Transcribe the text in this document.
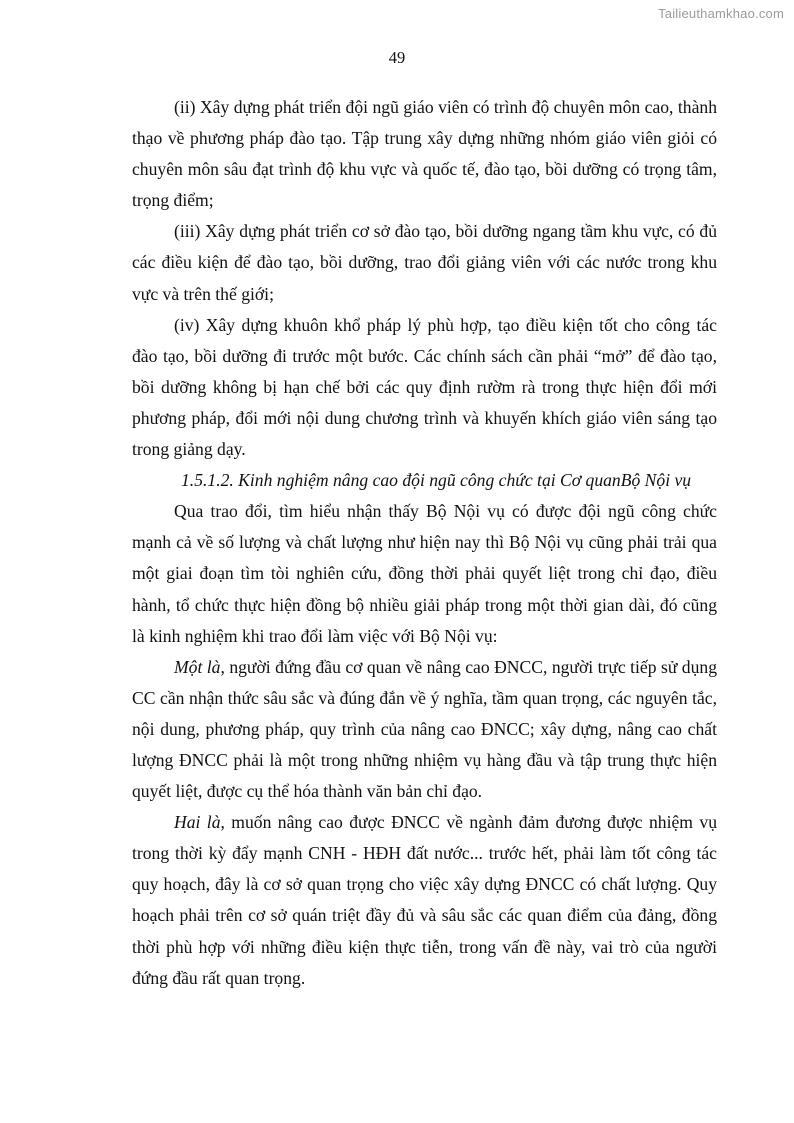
Tailieuthamkhao.com
49

(ii) Xây dựng phát triển đội ngũ giáo viên có trình độ chuyên môn cao, thành thạo về phương pháp đào tạo. Tập trung xây dựng những nhóm giáo viên giỏi có chuyên môn sâu đạt trình độ khu vực và quốc tế, đào tạo, bồi dưỡng có trọng tâm, trọng điểm;

(iii) Xây dựng phát triển cơ sở đào tạo, bồi dưỡng ngang tầm khu vực, có đủ các điều kiện để đào tạo, bồi dưỡng, trao đổi giảng viên với các nước trong khu vực và trên thế giới;

(iv) Xây dựng khuôn khổ pháp lý phù hợp, tạo điều kiện tốt cho công tác đào tạo, bồi dưỡng đi trước một bước. Các chính sách cần phải “mở” để đào tạo, bồi dưỡng không bị hạn chế bởi các quy định rườm rà trong thực hiện đổi mới phương pháp, đổi mới nội dung chương trình và khuyến khích giáo viên sáng tạo trong giảng dạy.

1.5.1.2. Kinh nghiệm nâng cao đội ngũ công chức tại Cơ quanBộ Nội vụ

Qua trao đổi, tìm hiểu nhận thấy Bộ Nội vụ có được đội ngũ công chức mạnh cả về số lượng và chất lượng như hiện nay thì Bộ Nội vụ cũng phải trải qua một giai đoạn tìm tòi nghiên cứu, đồng thời phải quyết liệt trong chỉ đạo, điều hành, tổ chức thực hiện đồng bộ nhiều giải pháp trong một thời gian dài, đó cũng là kinh nghiệm khi trao đổi làm việc với Bộ Nội vụ:

Một là, người đứng đầu cơ quan về nâng cao ĐNCC, người trực tiếp sử dụng CC cần nhận thức sâu sắc và đúng đắn về ý nghĩa, tầm quan trọng, các nguyên tắc, nội dung, phương pháp, quy trình của nâng cao ĐNCC; xây dựng, nâng cao chất lượng ĐNCC phải là một trong những nhiệm vụ hàng đầu và tập trung thực hiện quyết liệt, được cụ thể hóa thành văn bản chỉ đạo.

Hai là, muốn nâng cao được ĐNCC về ngành đảm đương được nhiệm vụ trong thời kỳ đẩy mạnh CNH - HĐH đất nước... trước hết, phải làm tốt công tác quy hoạch, đây là cơ sở quan trọng cho việc xây dựng ĐNCC có chất lượng. Quy hoạch phải trên cơ sở quán triệt đầy đủ và sâu sắc các quan điểm của đảng, đồng thời phù hợp với những điều kiện thực tiễn, trong vấn đề này, vai trò của người đứng đầu rất quan trọng.
